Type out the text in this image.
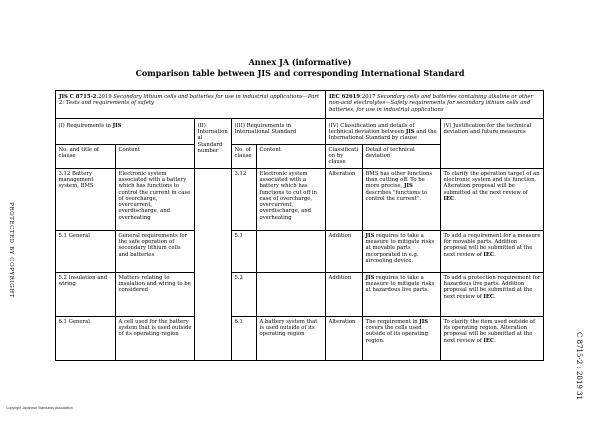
Annex JA (informative)
Comparison table between JIS and corresponding International Standard
PROTECTED BY COPYRIGHT
C 8715-2 : 2019 31
JIS C 8715-2:2019 Secondary lithium cells and batteries for use in industrial applications—Part 2: Tests and requirements of safety					IEC 62619:2017 Secondary cells and batteries containing alkaline or other non-acid electrolytes—Safety requirements for secondary lithium cells and batteries, for use in industrial applications		
(I) Requirements in JIS		(II) International Standard number	(III) Requirements in International Standard		(IV) Classification and details of technical deviation between JIS and the International Standard by clause		(V) Justification for the technical deviation and future measures
No. and title of clause	Content		No. of clause	Content	Classification by clause	Detail of technical deviation	
3.12 Battery management system, BMS	Electronic system associated with a battery which has functions to control the current in case of overcharge, overcurrent, overdischarge, and overheating		3.12	Electronic system associated with a battery which has functions to cut off in case of overcharge, overcurrent, overdischarge, and overheating	Alteration	BMS has other functions than cutting off. To be more precise, JIS describes "functions to control the current".	To clarify the operation target of an electronic system and its function. Alteration proposal will be submitted at the next review of IEC.
5.1 General	General requirements for the safe operation of secondary lithium cells and batteries		5.1		Addition	JIS requires to take a measure to mitigate risks at movable parts incorporated in e.g. aircooling device.	To add a requirement for a measure for movable parts. Addition proposal will be submitted at the next review of IEC.
5.2 Insulation and wiring	Matters relating to insulation and wiring to be considered		5.2		Addition	JIS requires to take a measure to mitigate risks at hazardous live parts.	To add a protection requirement for hazardous live parts. Addition proposal will be submitted at the next review of IEC.
6.1 General	A cell used for the battery system that is used outside of its operating region		6.1	A battery system that is used outside of its operating region	Alteration	The requirement in JIS covers the cells used outside of its operating region.	To clarify the item used outside of its operating region. Alteration proposal will be submitted at the next review of IEC.
Copyright Japanese Standards Association
